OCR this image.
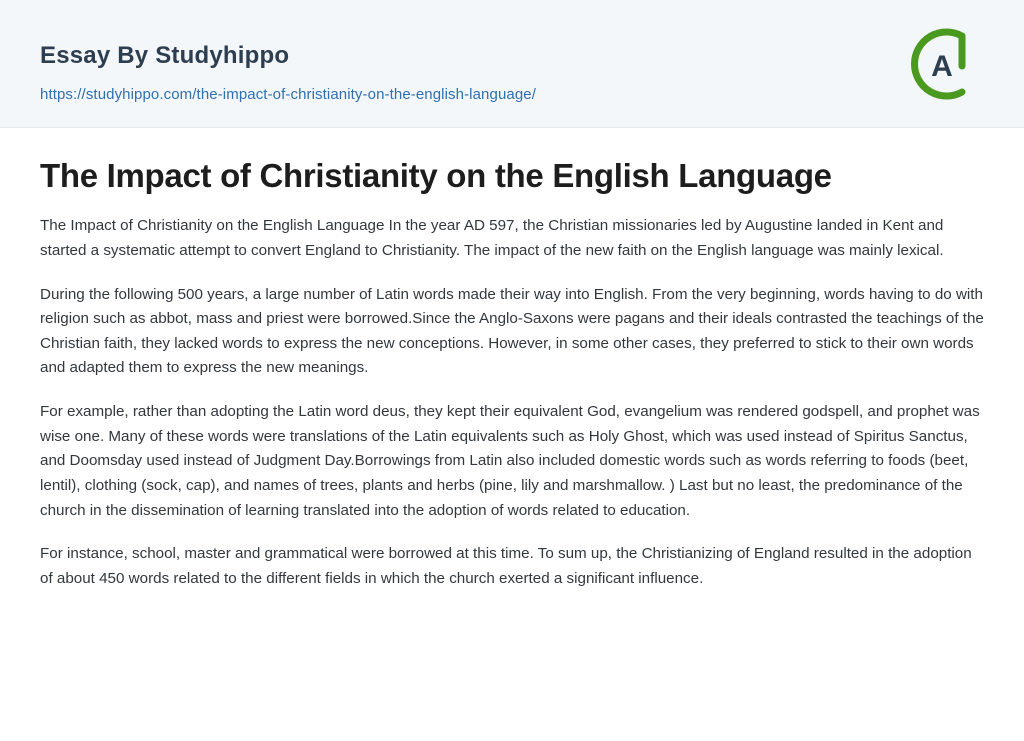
Essay By Studyhippo
https://studyhippo.com/the-impact-of-christianity-on-the-english-language/
A
The Impact of Christianity on the English Language

The Impact of Christianity on the English Language In the year AD 597, the Christian missionaries led by Augustine landed in Kent and started a systematic attempt to convert England to Christianity. The impact of the new faith on the English language was mainly lexical.

During the following 500 years, a large number of Latin words made their way into English. From the very beginning, words having to do with religion such as abbot, mass and priest were borrowed.Since the Anglo-Saxons were pagans and their ideals contrasted the teachings of the Christian faith, they lacked words to express the new conceptions. However, in some other cases, they preferred to stick to their own words and adapted them to express the new meanings.

For example, rather than adopting the Latin word deus, they kept their equivalent God, evangelium was rendered godspell, and prophet was wise one. Many of these words were translations of the Latin equivalents such as Holy Ghost, which was used instead of Spiritus Sanctus, and Doomsday used instead of Judgment Day.Borrowings from Latin also included domestic words such as words referring to foods (beet, lentil), clothing (sock, cap), and names of trees, plants and herbs (pine, lily and marshmallow. ) Last but no least, the predominance of the church in the dissemination of learning translated into the adoption of words related to education.

For instance, school, master and grammatical were borrowed at this time. To sum up, the Christianizing of England resulted in the adoption of about 450 words related to the different fields in which the church exerted a significant influence.
